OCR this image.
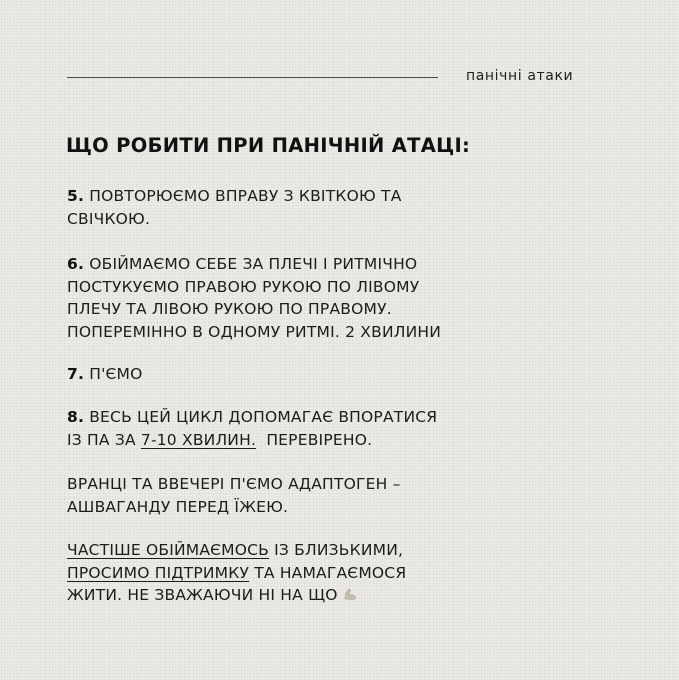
панічні атаки
ЩО РОБИТИ ПРИ ПАНІЧНІЙ АТАЦІ:
5. ПОВТОРЮЄМО ВПРАВУ З КВІТКОЮ ТА
СВІЧКОЮ.
6. ОБІЙМАЄМО СЕБЕ ЗА ПЛЕЧІ І РИТМІЧНО
ПОСТУКУЄМО ПРАВОЮ РУКОЮ ПО ЛІВОМУ
ПЛЕЧУ ТА ЛІВОЮ РУКОЮ ПО ПРАВОМУ.
ПОПЕРЕМІННО В ОДНОМУ РИТМІ. 2 ХВИЛИНИ
7. П'ЄМО
8. ВЕСЬ ЦЕЙ ЦИКЛ ДОПОМАГАЄ ВПОРАТИСЯ
ІЗ ПА ЗА 7-10 ХВИЛИН.  ПЕРЕВІРЕНО.
ВРАНЦІ ТА ВВЕЧЕРІ П'ЄМО АДАПТОГЕН –
АШВАГАНДУ ПЕРЕД ЇЖЕЮ.
ЧАСТІШЕ ОБІЙМАЄМОСЬ ІЗ БЛИЗЬКИМИ,
ПРОСИМО ПІДТРИМКУ ТА НАМАГАЄМОСЯ
ЖИТИ. НЕ ЗВАЖАЮЧИ НІ НА ЩО
